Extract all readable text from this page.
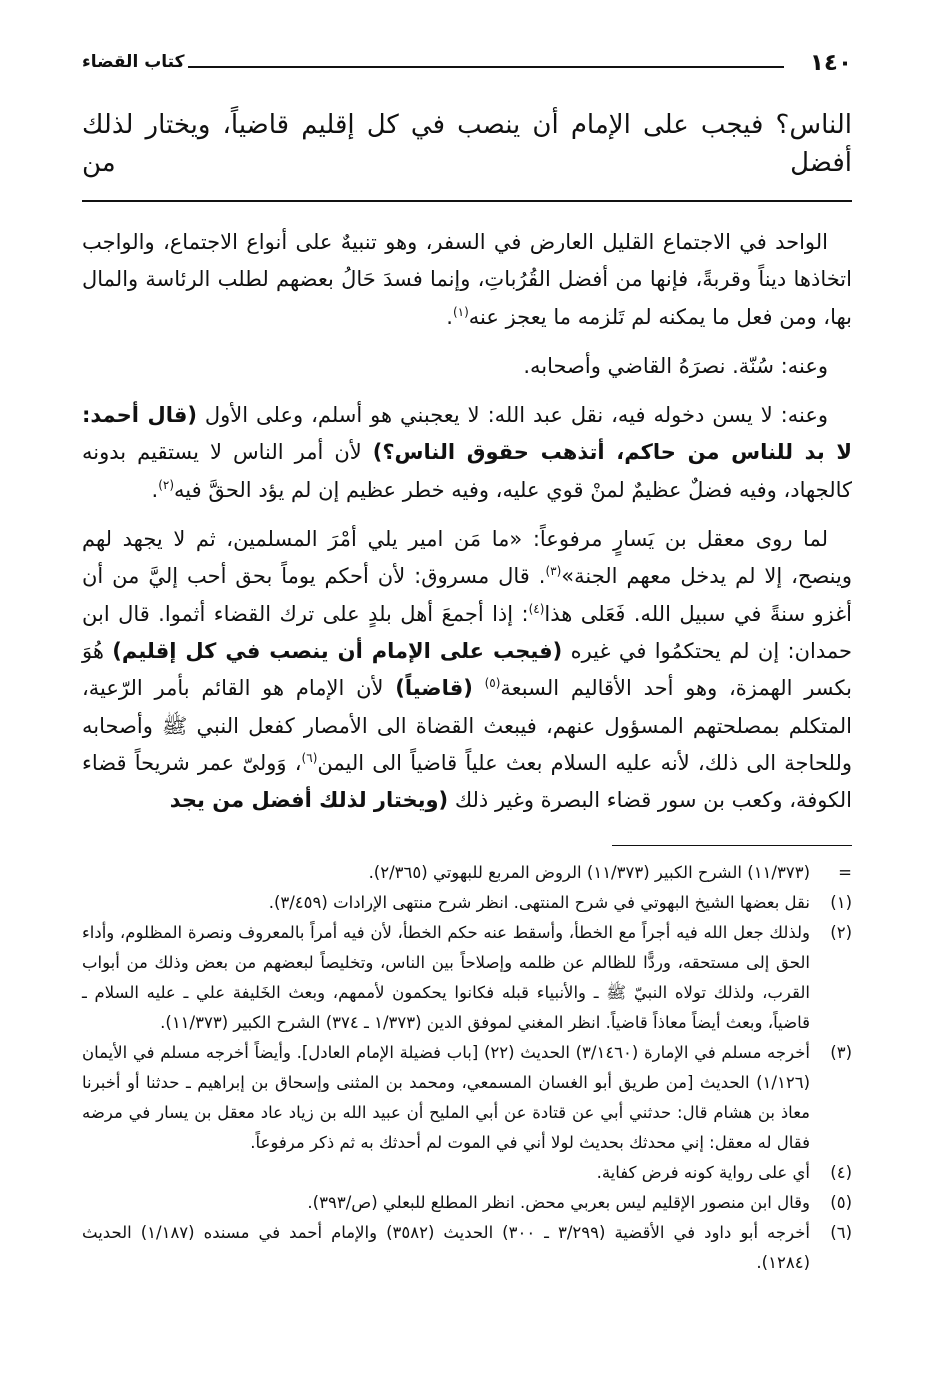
١٤٠
كتاب القضاء
الناس؟ فيجب على الإمام أن ينصب في كل إقليم قاضياً، ويختار لذلك أفضل من

الواحد في الاجتماع القليل العارض في السفر، وهو تنبيهٌ على أنواع الاجتماع، والواجب اتخاذها ديناً وقربةً، فإنها من أفضل القُرُباتِ، وإنما فسدَ حَالُ بعضهم لطلب الرئاسة والمال بها، ومن فعل ما يمكنه لم تَلزمه ما يعجز عنه$^{(١)}$.

وعنه: سُنّة. نصرَهُ القاضي وأصحابه.

وعنه: لا يسن دخوله فيه، نقل عبد الله: لا يعجبني هو أسلم، وعلى الأول (قال أحمد: لا بد للناس من حاكم، أتذهب حقوق الناس؟) لأن أمر الناس لا يستقيم بدونه كالجهاد، وفيه فضلٌ عظيمٌ لمنْ قوي عليه، وفيه خطر عظيم إن لم يؤد الحقَّ فيه$^{(٢)}$.

لما روى معقل بن يَسارٍ مرفوعاً: «ما مَن امير يلي أمْرَ المسلمين، ثم لا يجهد لهم وينصح، إلا لم يدخل معهم الجنة»$^{(٣)}$. قال مسروق: لأن أحكم يوماً بحق أحب إليَّ من أن أغزو سنةً في سبيل الله. فَعَلى هذا$^{(٤)}$: إذا أجمعَ أهل بلدٍ على ترك القضاء أثموا. قال ابن حمدان: إن لم يحتكمُوا في غيره (فيجب على الإمام أن ينصب في كل إقليم) هُوَ بكسر الهمزة، وهو أحد الأقاليم السبعة$^{(٥)}$ (قاضياً) لأن الإمام هو القائم بأمر الرّعية، المتكلم بمصلحتهم المسؤول عنهم، فيبعث القضاة الى الأمصار كفعل النبي ﷺ وأصحابه وللحاجة الى ذلك، لأنه عليه السلام بعث علياً قاضياً الى اليمن$^{(٦)}$، وَولىّ عمر شريحاً قضاء الكوفة، وكعب بن سور قضاء البصرة وغير ذلك (ويختار لذلك أفضل من يجد

=
(١١/٣٧٣) الشرح الكبير (١١/٣٧٣) الروض المربع للبهوتي (٢/٣٦٥).
(١)
نقل بعضها الشيخ البهوتي في شرح المنتهى. انظر شرح منتهى الإرادات (٣/٤٥٩).
(٢)
ولذلك جعل الله فيه أجراً مع الخطأ، وأسقط عنه حكم الخطأ، لأن فيه أمراً بالمعروف ونصرة المظلوم، وأداء الحق إلى مستحقه، وردًّا للظالم عن ظلمه وإصلاحاً بين الناس، وتخليصاً لبعضهم من بعض وذلك من أبواب القرب، ولذلك تولاه النبيّ ﷺ ـ والأنبياء قبله فكانوا يحكمون لأممهم، وبعث الخَليفة علي ـ عليه السلام ـ قاضياً، وبعث أيضاً معاذاً قاضياً. انظر المغني لموفق الدين (١/٣٧٣ ـ ٣٧٤) الشرح الكبير (١١/٣٧٣).
(٣)
أخرجه مسلم في الإمارة (٣/١٤٦٠) الحديث (٢٢) [باب فضيلة الإمام العادل]. وأيضاً أخرجه مسلم في الأيمان (١/١٢٦) الحديث [من طريق أبو الغسان المسمعي، ومحمد بن المثنى وإسحاق بن إبراهيم ـ حدثنا أو أخبرنا معاذ بن هشام قال: حدثني أبي عن قتادة عن أبي المليح أن عبيد الله بن زياد عاد معقل بن يسار في مرضه فقال له معقل: إني محدثك بحديث لولا أني في الموت لم أحدثك به ثم ذكر مرفوعاً.
(٤)
أي على رواية كونه فرض كفاية.
(٥)
وقال ابن منصور الإقليم ليس بعربي محض. انظر المطلع للبعلي (ص/٣٩٣).
(٦)
أخرجه أبو داود في الأقضية (٣/٢٩٩ ـ ٣٠٠) الحديث (٣٥٨٢) والإمام أحمد في مسنده (١/١٨٧) الحديث (١٢٨٤).
